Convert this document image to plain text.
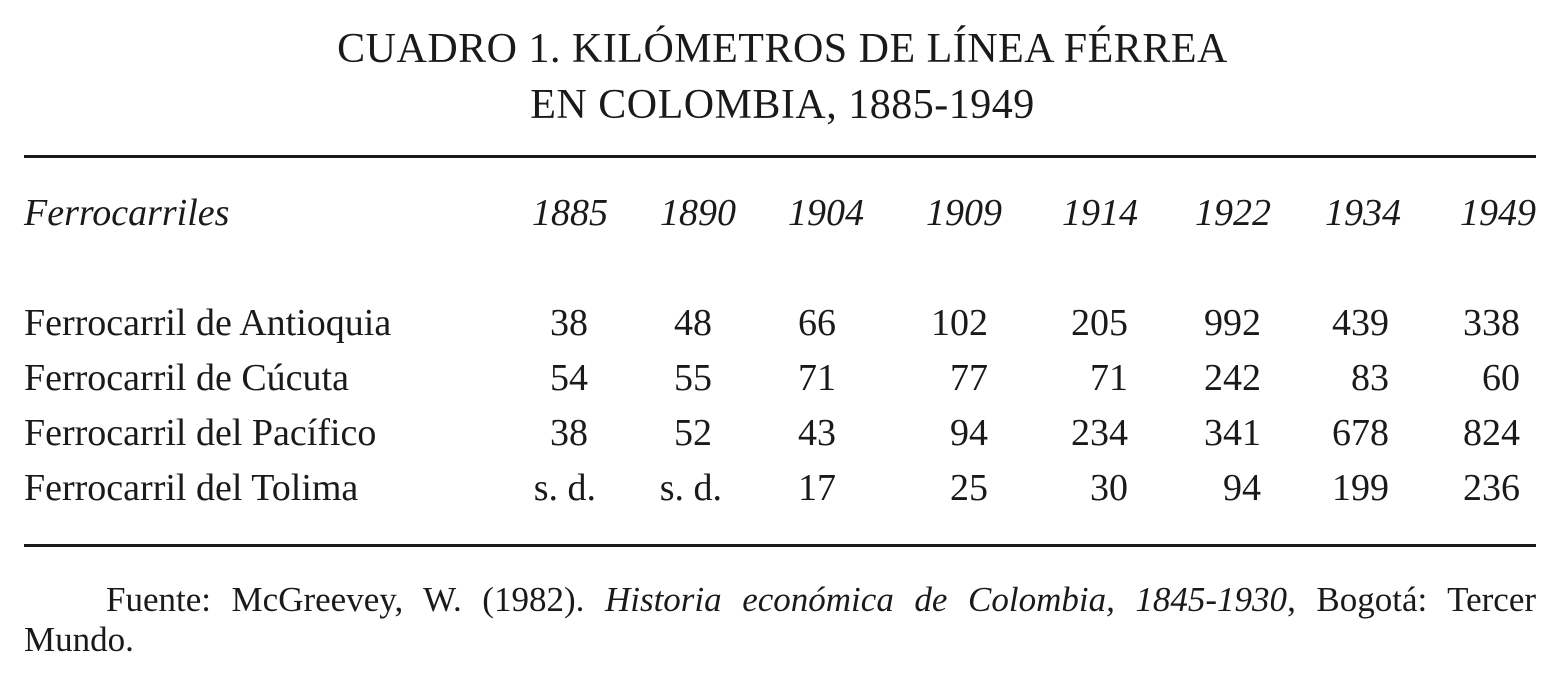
CUADRO 1. KILÓMETROS DE LÍNEA FÉRREA
EN COLOMBIA, 1885-1949
Ferrocarriles	1885	1890	1904	1909	1914	1922	1934	1949
Ferrocarril de Antioquia	38	48	66	102	205	992	439	338
Ferrocarril de Cúcuta	54	55	71	77	71	242	83	60
Ferrocarril del Pacífico	38	52	43	94	234	341	678	824
Ferrocarril del Tolima	s. d.	s. d.	17	25	30	94	199	236
Fuente: McGreevey, W. (1982). Historia económica de Colombia, 1845-1930, Bogotá: Tercer Mundo.
